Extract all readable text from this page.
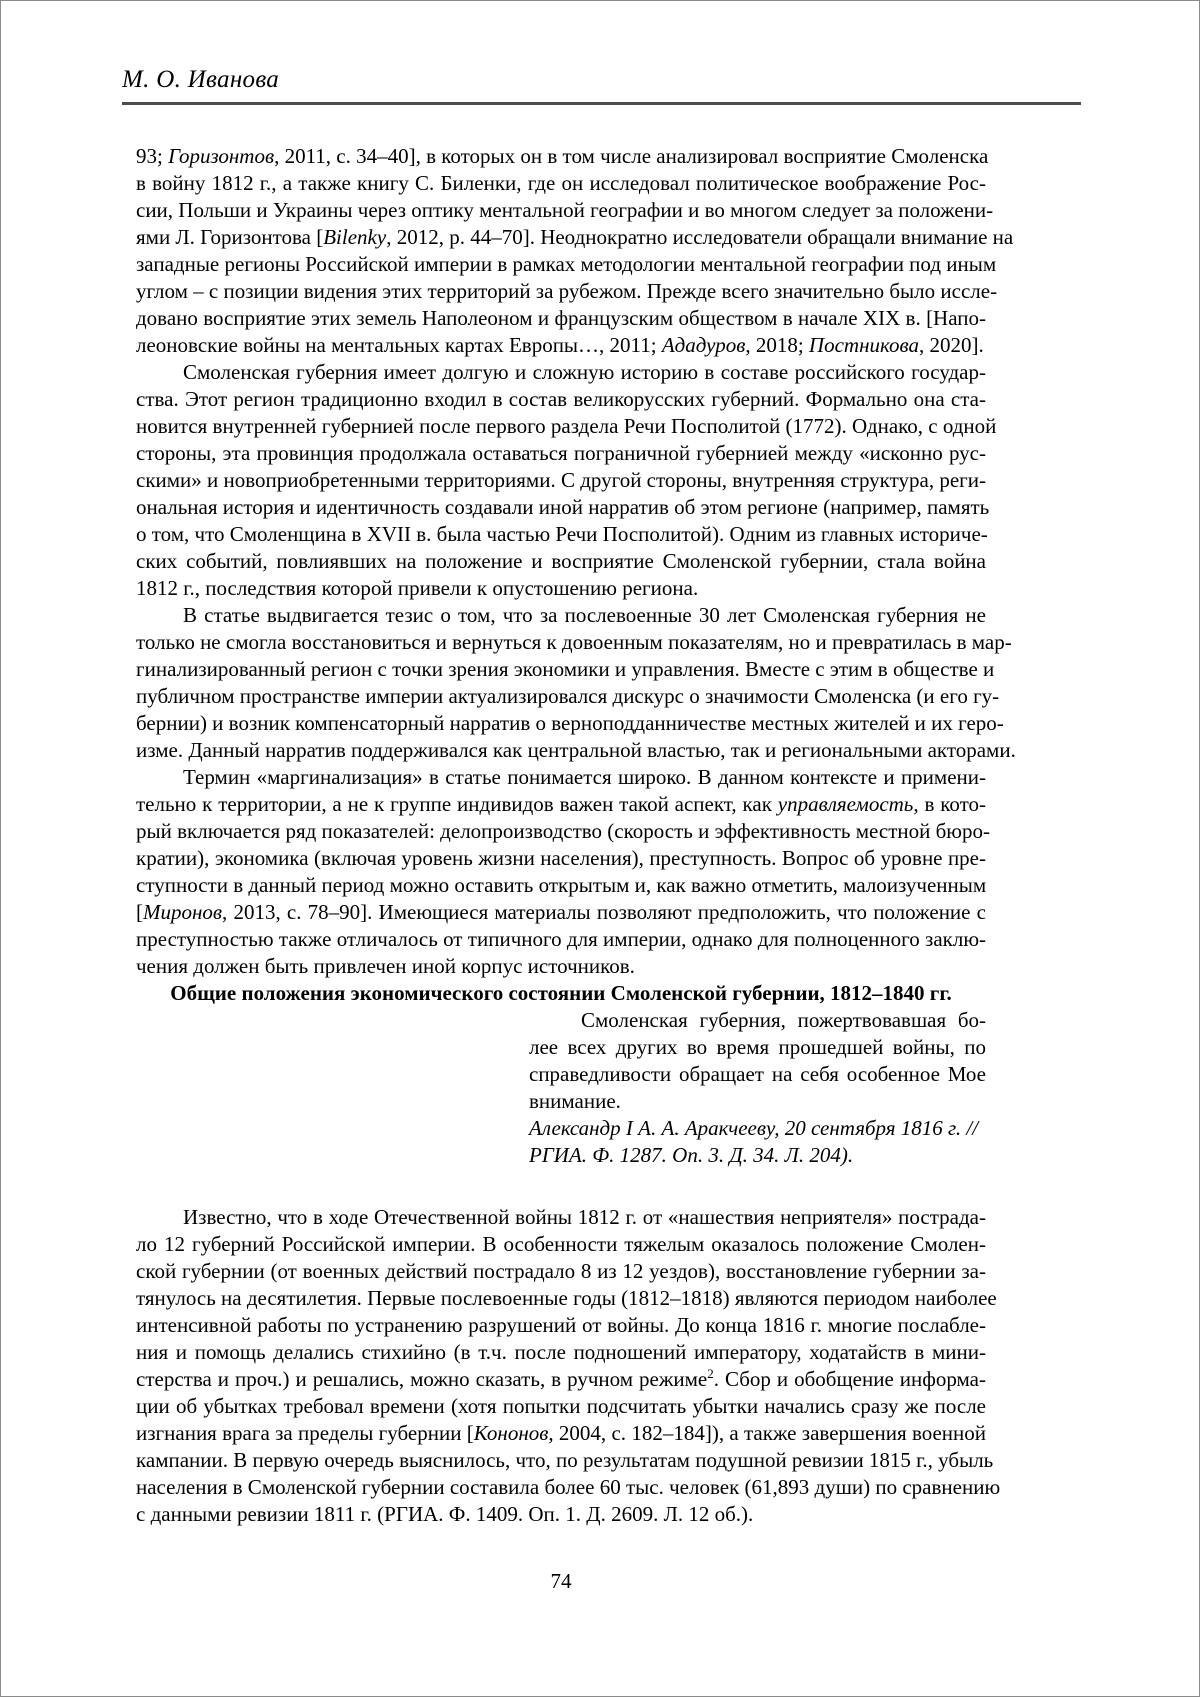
М. О. Иванова
93; Горизонтов, 2011, с. 34–40], в которых он в том числе анализировал восприятие Смоленска
в войну 1812 г., а также книгу С. Биленки, где он исследовал политическое воображение Рос-
сии, Польши и Украины через оптику ментальной географии и во многом следует за положени-
ями Л. Горизонтова [Bilenky, 2012, p. 44–70]. Неоднократно исследователи обращали внимание на
западные регионы Российской империи в рамках методологии ментальной географии под иным
углом – с позиции видения этих территорий за рубежом. Прежде всего значительно было иссле-
довано восприятие этих земель Наполеоном и французским обществом в начале XIX в. [Напо-
леоновские войны на ментальных картах Европы…, 2011; Ададуров, 2018; Постникова, 2020].
Смоленская губерния имеет долгую и сложную историю в составе российского государ-
ства. Этот регион традиционно входил в состав великорусских губерний. Формально она ста-
новится внутренней губернией после первого раздела Речи Посполитой (1772). Однако, с одной
стороны, эта провинция продолжала оставаться пограничной губернией между «исконно рус-
скими» и новоприобретенными территориями. С другой стороны, внутренняя структура, реги-
ональная история и идентичность создавали иной нарратив об этом регионе (например, память
о том, что Смоленщина в XVII в. была частью Речи Посполитой). Одним из главных историче-
ских событий, повлиявших на положение и восприятие Смоленской губернии, стала война
1812 г., последствия которой привели к опустошению региона.
В статье выдвигается тезис о том, что за послевоенные 30 лет Смоленская губерния не
только не смогла восстановиться и вернуться к довоенным показателям, но и превратилась в мар-
гинализированный регион с точки зрения экономики и управления. Вместе с этим в обществе и
публичном пространстве империи актуализировался дискурс о значимости Смоленска (и его гу-
бернии) и возник компенсаторный нарратив о верноподданничестве местных жителей и их геро-
изме. Данный нарратив поддерживался как центральной властью, так и региональными акторами.
Термин «маргинализация» в статье понимается широко. В данном контексте и примени-
тельно к территории, а не к группе индивидов важен такой аспект, как управляемость, в кото-
рый включается ряд показателей: делопроизводство (скорость и эффективность местной бюро-
кратии), экономика (включая уровень жизни населения), преступность. Вопрос об уровне пре-
ступности в данный период можно оставить открытым и, как важно отметить, малоизученным
[Миронов, 2013, с. 78–90]. Имеющиеся материалы позволяют предположить, что положение с
преступностью также отличалось от типичного для империи, однако для полноценного заклю-
чения должен быть привлечен иной корпус источников.
Общие положения экономического состоянии Смоленской губернии, 1812–1840 гг.
Смоленская губерния, пожертвовавшая бо-
лее всех других во время прошедшей войны, по
справедливости обращает на себя особенное Мое
внимание.
Александр I А. А. Аракчееву, 20 сентября 1816 г. //
РГИА. Ф. 1287. Оп. 3. Д. 34. Л. 204).
Известно, что в ходе Отечественной войны 1812 г. от «нашествия неприятеля» пострада-
ло 12 губерний Российской империи. В особенности тяжелым оказалось положение Смолен-
ской губернии (от военных действий пострадало 8 из 12 уездов), восстановление губернии за-
тянулось на десятилетия. Первые послевоенные годы (1812–1818) являются периодом наиболее
интенсивной работы по устранению разрушений от войны. До конца 1816 г. многие послабле-
ния и помощь делались стихийно (в т.ч. после подношений императору, ходатайств в мини-
стерства и проч.) и решались, можно сказать, в ручном режиме$^2$. Сбор и обобщение информа-
ции об убытках требовал времени (хотя попытки подсчитать убытки начались сразу же после
изгнания врага за пределы губернии [Кононов, 2004, с. 182–184]), а также завершения военной
кампании. В первую очередь выяснилось, что, по результатам подушной ревизии 1815 г., убыль
населения в Смоленской губернии составила более 60 тыс. человек (61,893 души) по сравнению
с данными ревизии 1811 г. (РГИА. Ф. 1409. Оп. 1. Д. 2609. Л. 12 об.).
74
